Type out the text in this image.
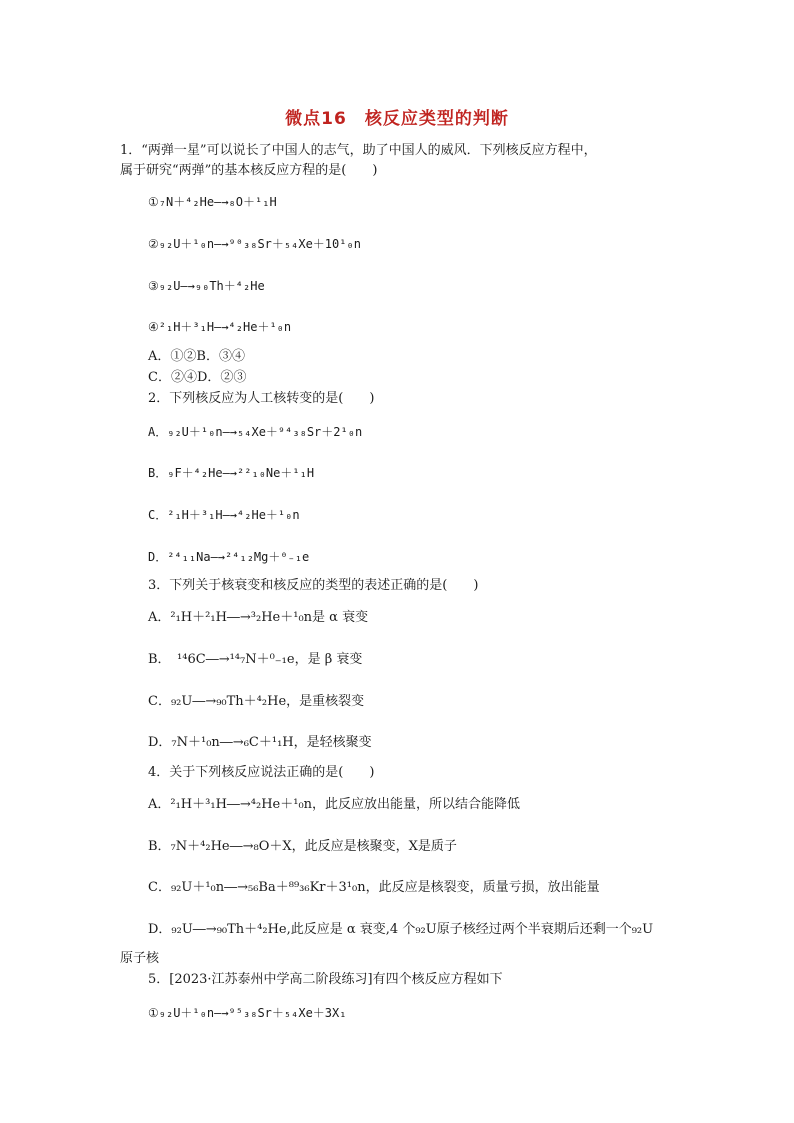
微点16　核反应类型的判断
1．“两弹一星”可以说长了中国人的志气，助了中国人的威风．下列核反应方程中，
属于研究“两弹”的基本核反应方程的是(　　)
①₇N＋⁴₂He―→₈O＋¹₁H
②₉₂U＋¹₀n―→⁹⁰₃₈Sr＋₅₄Xe＋10¹₀n
③₉₂U―→₉₀Th＋⁴₂He
④²₁H＋³₁H―→⁴₂He＋¹₀n
A．①②B．③④
C．②④D．②③
2．下列核反应为人工核转变的是(　　)
A．₉₂U＋¹₀n―→₅₄Xe＋⁹⁴₃₈Sr＋2¹₀n
B．₉F＋⁴₂He―→²²₁₀Ne＋¹₁H
C．²₁H＋³₁H―→⁴₂He＋¹₀n
D．²⁴₁₁Na―→²⁴₁₂Mg＋⁰₋₁e
3．下列关于核衰变和核反应的类型的表述正确的是(　　)
A．²₁H＋²₁H―→³₂He＋¹₀n是 α 衰变
B．　¹⁴6C―→¹⁴₇N＋⁰₋₁e，是 β 衰变
C．₉₂U―→₉₀Th＋⁴₂He，是重核裂变
D．₇N＋¹₀n―→₆C＋¹₁H，是轻核聚变
4．关于下列核反应说法正确的是(　　)
A．²₁H＋³₁H―→⁴₂He＋¹₀n，此反应放出能量，所以结合能降低
B．₇N＋⁴₂He―→₈O＋X，此反应是核聚变，X是质子
C．₉₂U＋¹₀n―→₅₆Ba＋⁸⁹₃₆Kr＋3¹₀n，此反应是核裂变，质量亏损，放出能量
D．₉₂U―→₉₀Th＋⁴₂He,此反应是 α 衰变,4 个₉₂U原子核经过两个半衰期后还剩一个₉₂U
原子核
5．[2023·江苏泰州中学高二阶段练习]有四个核反应方程如下
①₉₂U＋¹₀n―→⁹⁵₃₈Sr＋₅₄Xe＋3X₁
